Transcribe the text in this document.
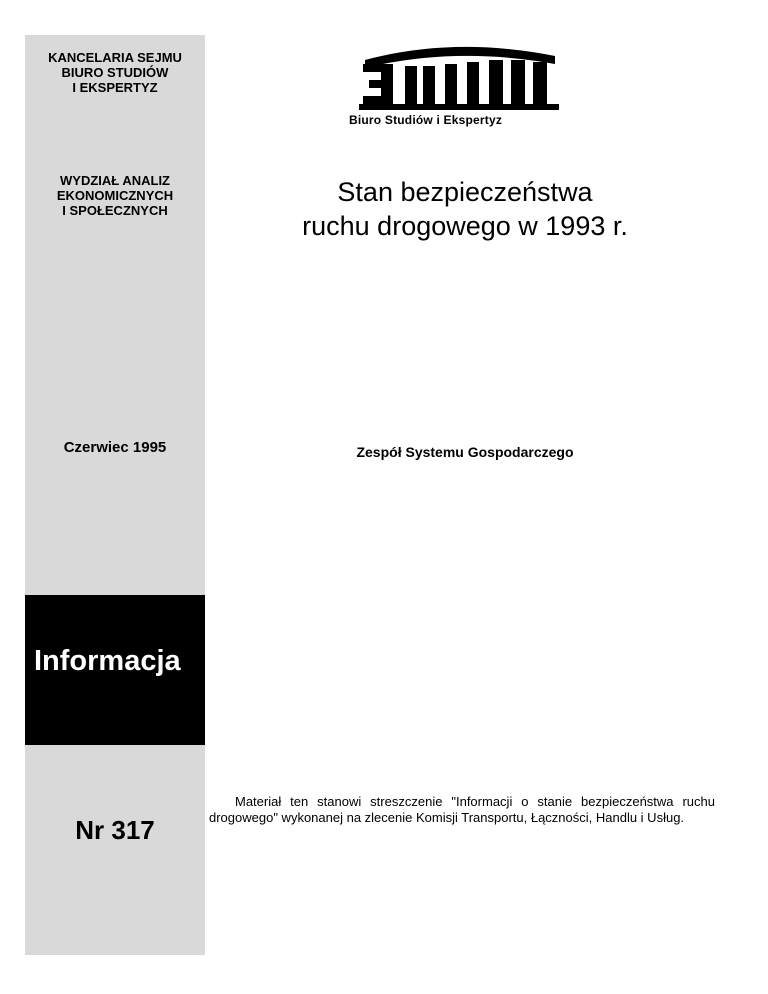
KANCELARIA SEJMU
BIURO STUDIÓW
I EKSPERTYZ
WYDZIAŁ ANALIZ
EKONOMICZNYCH
I SPOŁECZNYCH
Czerwiec 1995
Informacja
Nr 317
Biuro Studiów i Ekspertyz
Stan bezpieczeństwa
ruchu drogowego w 1993 r.
Zespół Systemu Gospodarczego
Materiał ten stanowi streszczenie "Informacji o stanie bezpieczeństwa ruchu drogowego" wykonanej na zlecenie Komisji Transportu, Łączności, Handlu i Usług.
